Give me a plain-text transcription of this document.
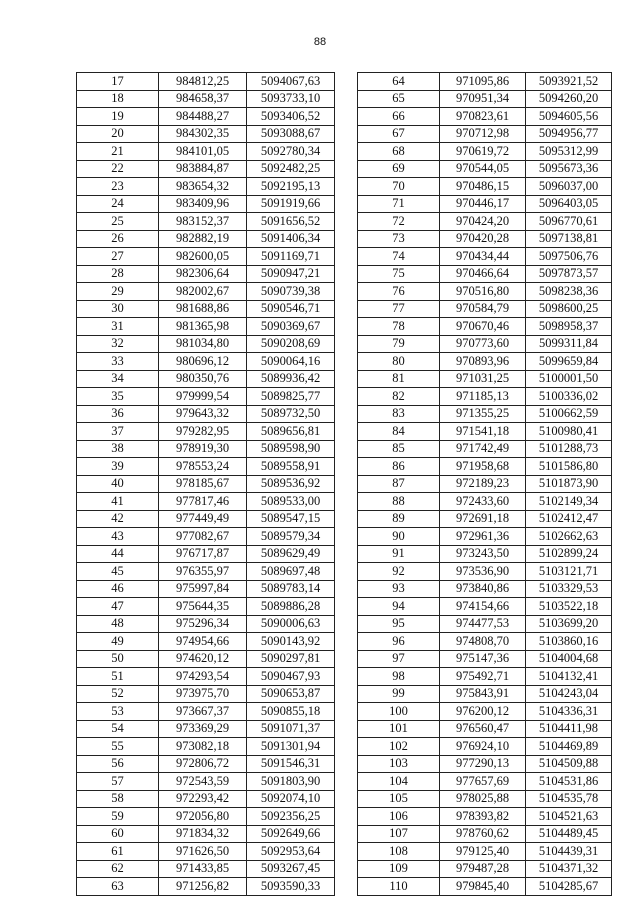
88
17	984812,25	5094067,63
18	984658,37	5093733,10
19	984488,27	5093406,52
20	984302,35	5093088,67
21	984101,05	5092780,34
22	983884,87	5092482,25
23	983654,32	5092195,13
24	983409,96	5091919,66
25	983152,37	5091656,52
26	982882,19	5091406,34
27	982600,05	5091169,71
28	982306,64	5090947,21
29	982002,67	5090739,38
30	981688,86	5090546,71
31	981365,98	5090369,67
32	981034,80	5090208,69
33	980696,12	5090064,16
34	980350,76	5089936,42
35	979999,54	5089825,77
36	979643,32	5089732,50
37	979282,95	5089656,81
38	978919,30	5089598,90
39	978553,24	5089558,91
40	978185,67	5089536,92
41	977817,46	5089533,00
42	977449,49	5089547,15
43	977082,67	5089579,34
44	976717,87	5089629,49
45	976355,97	5089697,48
46	975997,84	5089783,14
47	975644,35	5089886,28
48	975296,34	5090006,63
49	974954,66	5090143,92
50	974620,12	5090297,81
51	974293,54	5090467,93
52	973975,70	5090653,87
53	973667,37	5090855,18
54	973369,29	5091071,37
55	973082,18	5091301,94
56	972806,72	5091546,31
57	972543,59	5091803,90
58	972293,42	5092074,10
59	972056,80	5092356,25
60	971834,32	5092649,66
61	971626,50	5092953,64
62	971433,85	5093267,45
63	971256,82	5093590,33
64	971095,86	5093921,52
65	970951,34	5094260,20
66	970823,61	5094605,56
67	970712,98	5094956,77
68	970619,72	5095312,99
69	970544,05	5095673,36
70	970486,15	5096037,00
71	970446,17	5096403,05
72	970424,20	5096770,61
73	970420,28	5097138,81
74	970434,44	5097506,76
75	970466,64	5097873,57
76	970516,80	5098238,36
77	970584,79	5098600,25
78	970670,46	5098958,37
79	970773,60	5099311,84
80	970893,96	5099659,84
81	971031,25	5100001,50
82	971185,13	5100336,02
83	971355,25	5100662,59
84	971541,18	5100980,41
85	971742,49	5101288,73
86	971958,68	5101586,80
87	972189,23	5101873,90
88	972433,60	5102149,34
89	972691,18	5102412,47
90	972961,36	5102662,63
91	973243,50	5102899,24
92	973536,90	5103121,71
93	973840,86	5103329,53
94	974154,66	5103522,18
95	974477,53	5103699,20
96	974808,70	5103860,16
97	975147,36	5104004,68
98	975492,71	5104132,41
99	975843,91	5104243,04
100	976200,12	5104336,31
101	976560,47	5104411,98
102	976924,10	5104469,89
103	977290,13	5104509,88
104	977657,69	5104531,86
105	978025,88	5104535,78
106	978393,82	5104521,63
107	978760,62	5104489,45
108	979125,40	5104439,31
109	979487,28	5104371,32
110	979845,40	5104285,67
